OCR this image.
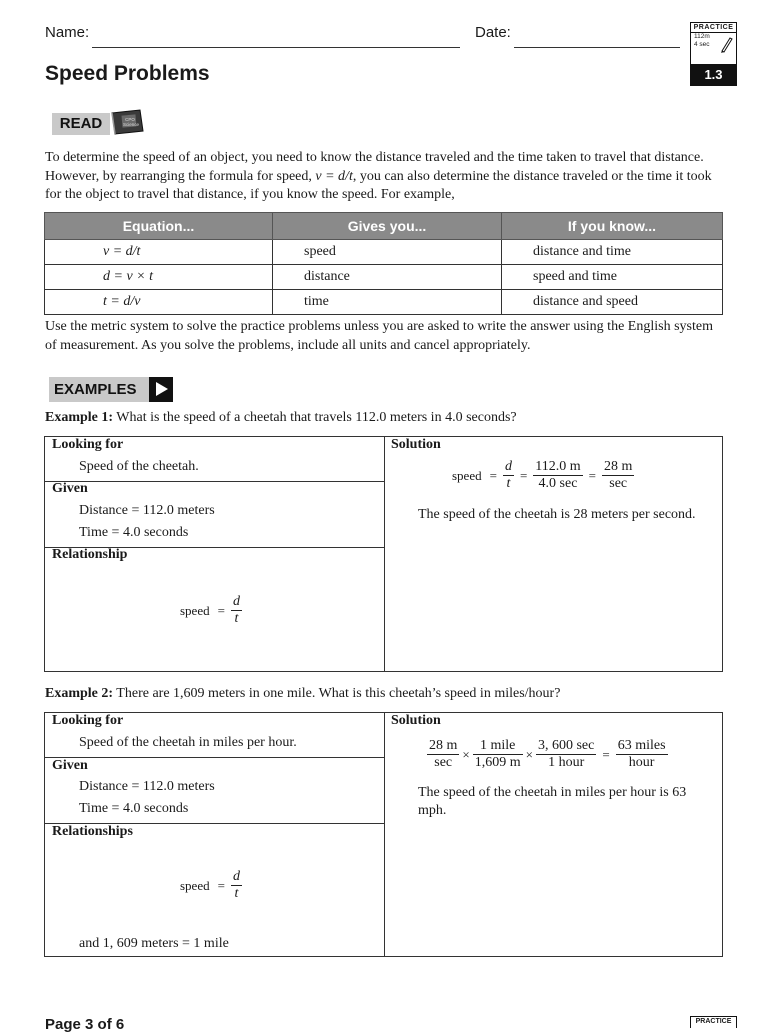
Name:	Date:
Speed Problems
PRACTICE
112m
4 sec
1.3
READ	CPO Science

To determine the speed of an object, you need to know the distance traveled and the time taken to travel that distance. However, by rearranging the formula for speed, v = d/t, you can also determine the distance traveled or the time it took for the object to travel that distance, if you know the speed. For example,

Equation...	Gives you...	If you know...
v = d/t	speed	distance and time
d = v × t	distance	speed and time
t = d/v	time	distance and speed

Use the metric system to solve the practice problems unless you are asked to write the answer using the English system of measurement. As you solve the problems, include all units and cancel appropriately.

EXAMPLES
Example 1: What is the speed of a cheetah that travels 112.0 meters in 4.0 seconds?
Looking for
Speed of the cheetah.
Given
Distance = 112.0 meters
Time = 4.0 seconds
Relationship
speed = $\frac{d}{t}$
Solution
speed = $\frac{d}{t} = \frac{112.0 m}{4.0 \sec} = \frac{28 m}{\sec}$
The speed of the cheetah is 28 meters per second.
Example 2: There are 1,609 meters in one mile. What is this cheetah’s speed in miles/hour?
Looking for
Speed of the cheetah in miles per hour.
Given
Distance = 112.0 meters
Time = 4.0 seconds
Relationships
speed = $\frac{d}{t}$
and 1, 609 meters = 1 mile
Solution
$\frac{28 m}{\sec} \times \frac{\text{1 mile}}{1,609 m} \times \frac{3, 600 \sec}{\text{1 hour}} = \frac{\text{63 miles}}{\text{hour}}$
The speed of the cheetah in miles per hour is 63 mph.
Page 3 of 6	PRACTICE
